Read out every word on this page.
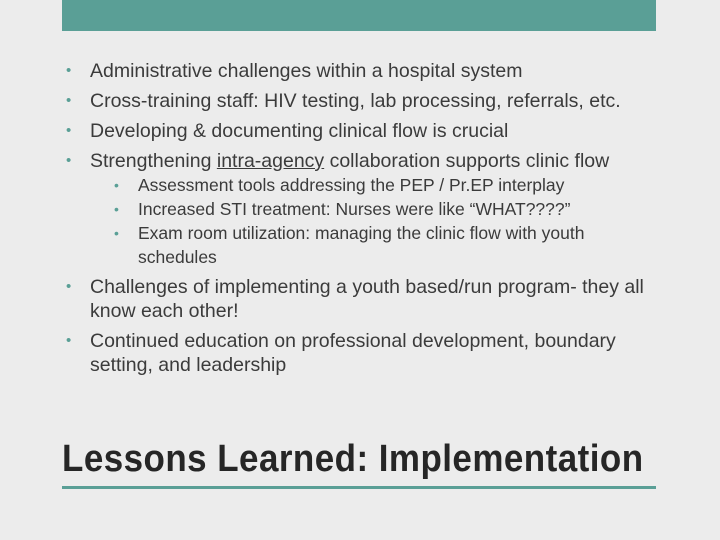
• Administrative challenges within a hospital system
• Cross-training staff: HIV testing, lab processing, referrals, etc.
• Developing & documenting clinical flow is crucial
• Strengthening intra-agency collaboration supports clinic flow
• Assessment tools addressing the PEP / Pr.EP interplay
• Increased STI treatment: Nurses were like “WHAT????”
• Exam room utilization: managing the clinic flow with youth schedules
• Challenges of implementing a youth based/run program- they all know each other!
• Continued education on professional development, boundary setting, and leadership
Lessons Learned: Implementation
